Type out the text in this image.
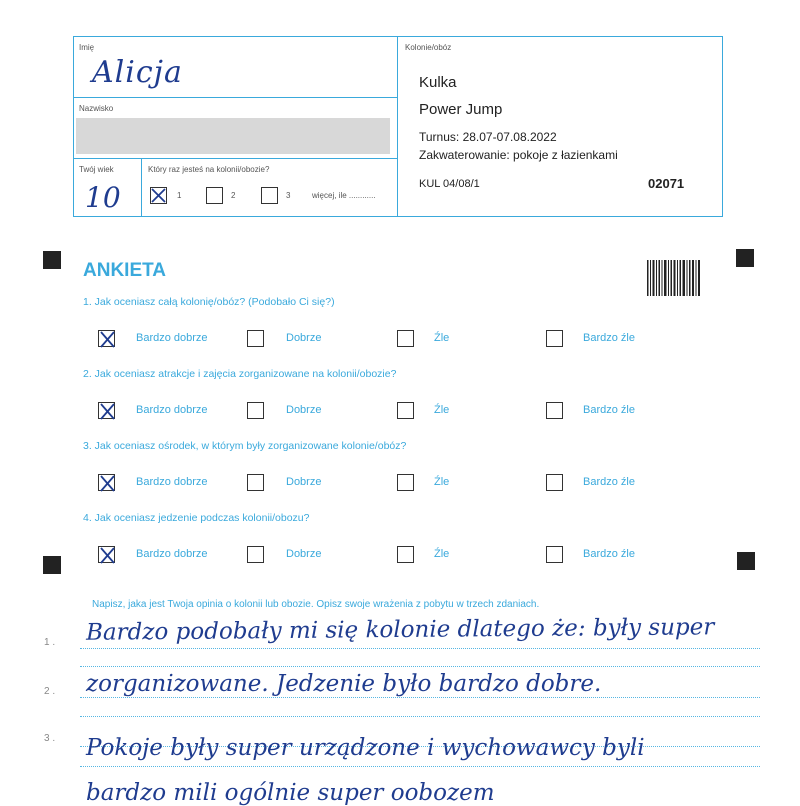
Imię
Alicja
Nazwisko
Twój wiek
10
Który raz jesteś na kolonii/obozie?
1	2	3	więcej, ile ............
Kolonie/obóz
Kulka
Power Jump
Turnus: 28.07-07.08.2022
Zakwaterowanie: pokoje z łazienkami
KUL 04/08/1	02071
ANKIETA
1. Jak oceniasz całą kolonię/obóz? (Podobało Ci się?)
Bardzo dobrze	Dobrze	Źle	Bardzo źle
2. Jak oceniasz atrakcje i zajęcia zorganizowane na kolonii/obozie?
Bardzo dobrze	Dobrze	Źle	Bardzo źle
3. Jak oceniasz ośrodek, w którym były zorganizowane kolonie/obóz?
Bardzo dobrze	Dobrze	Źle	Bardzo źle
4. Jak oceniasz jedzenie podczas kolonii/obozu?
Bardzo dobrze	Dobrze	Źle	Bardzo źle
Napisz, jaka jest Twoja opinia o kolonii lub obozie. Opisz swoje wrażenia z pobytu w trzech zdaniach.
1 .
2 .
3 .
Bardzo podobały mi się kolonie dlatego że: były super
zorganizowane. Jedzenie było bardzo dobre.
Pokoje były super urządzone i wychowawcy byli
bardzo mili ogólnie super oobozem
